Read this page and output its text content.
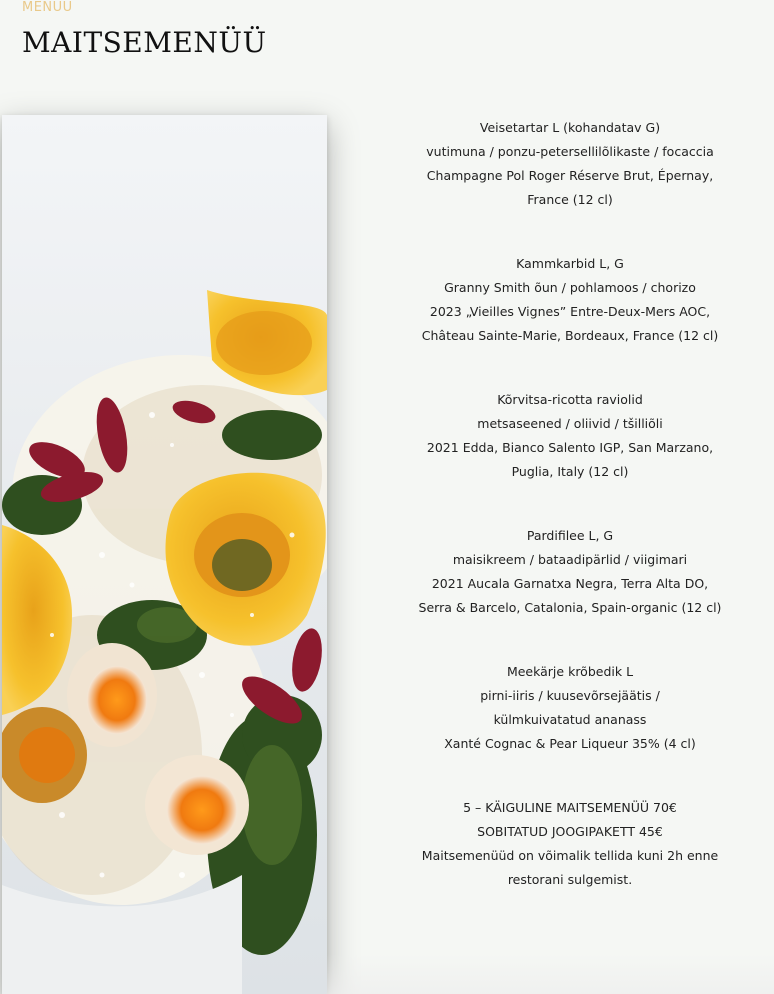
MENÜÜ
MAITSEMENÜÜ
Veisetartar L (kohandatav G)
vutimuna / ponzu-petersellilõlikaste / focaccia
Champagne Pol Roger Réserve Brut, Épernay,
France (12 cl)
Kammkarbid L, G
Granny Smith õun / pohlamoos / chorizo
2023 „Vieilles Vignes” Entre-Deux-Mers AOC,
Château Sainte-Marie, Bordeaux, France (12 cl)
Kõrvitsa-ricotta raviolid
metsaseened / oliivid / tšilliõli
2021 Edda, Bianco Salento IGP, San Marzano,
Puglia, Italy (12 cl)
Pardifilee L, G
maisikreem / bataadipärlid / viigimari
2021 Aucala Garnatxa Negra, Terra Alta DO,
Serra & Barcelo, Catalonia, Spain-organic (12 cl)
Meekärje krõbedik L
pirni-iiris / kuusevõrsejäätis /
külmkuivatatud ananass
Xanté Cognac & Pear Liqueur 35% (4 cl)
5 – KÄIGULINE MAITSEMENÜÜ 70€
SOBITATUD JOOGIPAKETT 45€
Maitsemenüüd on võimalik tellida kuni 2h enne
restorani sulgemist.
